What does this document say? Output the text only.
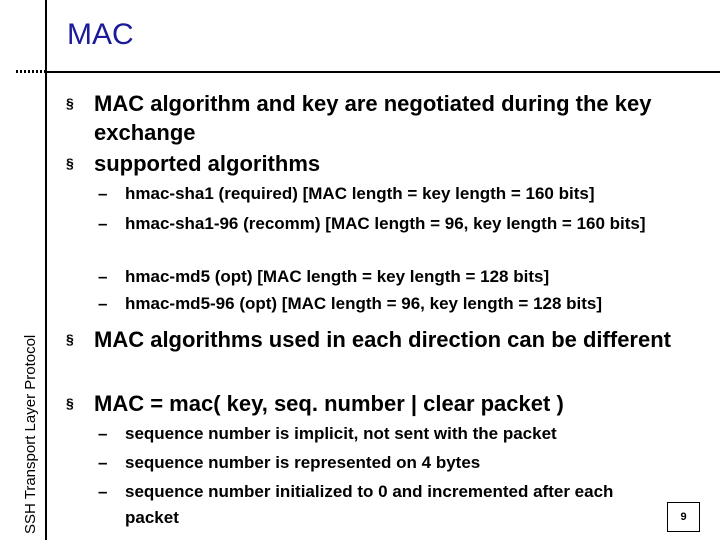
MAC
SSH Transport Layer Protocol
§ MAC algorithm and key are negotiated during the key exchange
§ supported algorithms
–	hmac-sha1 (required) [MAC length = key length = 160 bits]
–	hmac-sha1-96 (recomm) [MAC length = 96, key length = 160 bits]
–	hmac-md5 (opt) [MAC length = key length = 128 bits]
–	hmac-md5-96 (opt) [MAC length = 96, key length = 128 bits]
§ MAC algorithms used in each direction can be different
§ MAC = mac( key, seq. number | clear packet )
–	sequence number is implicit, not sent with the packet
–	sequence number is represented on 4 bytes
–	sequence number initialized to 0 and incremented after each packet	9
